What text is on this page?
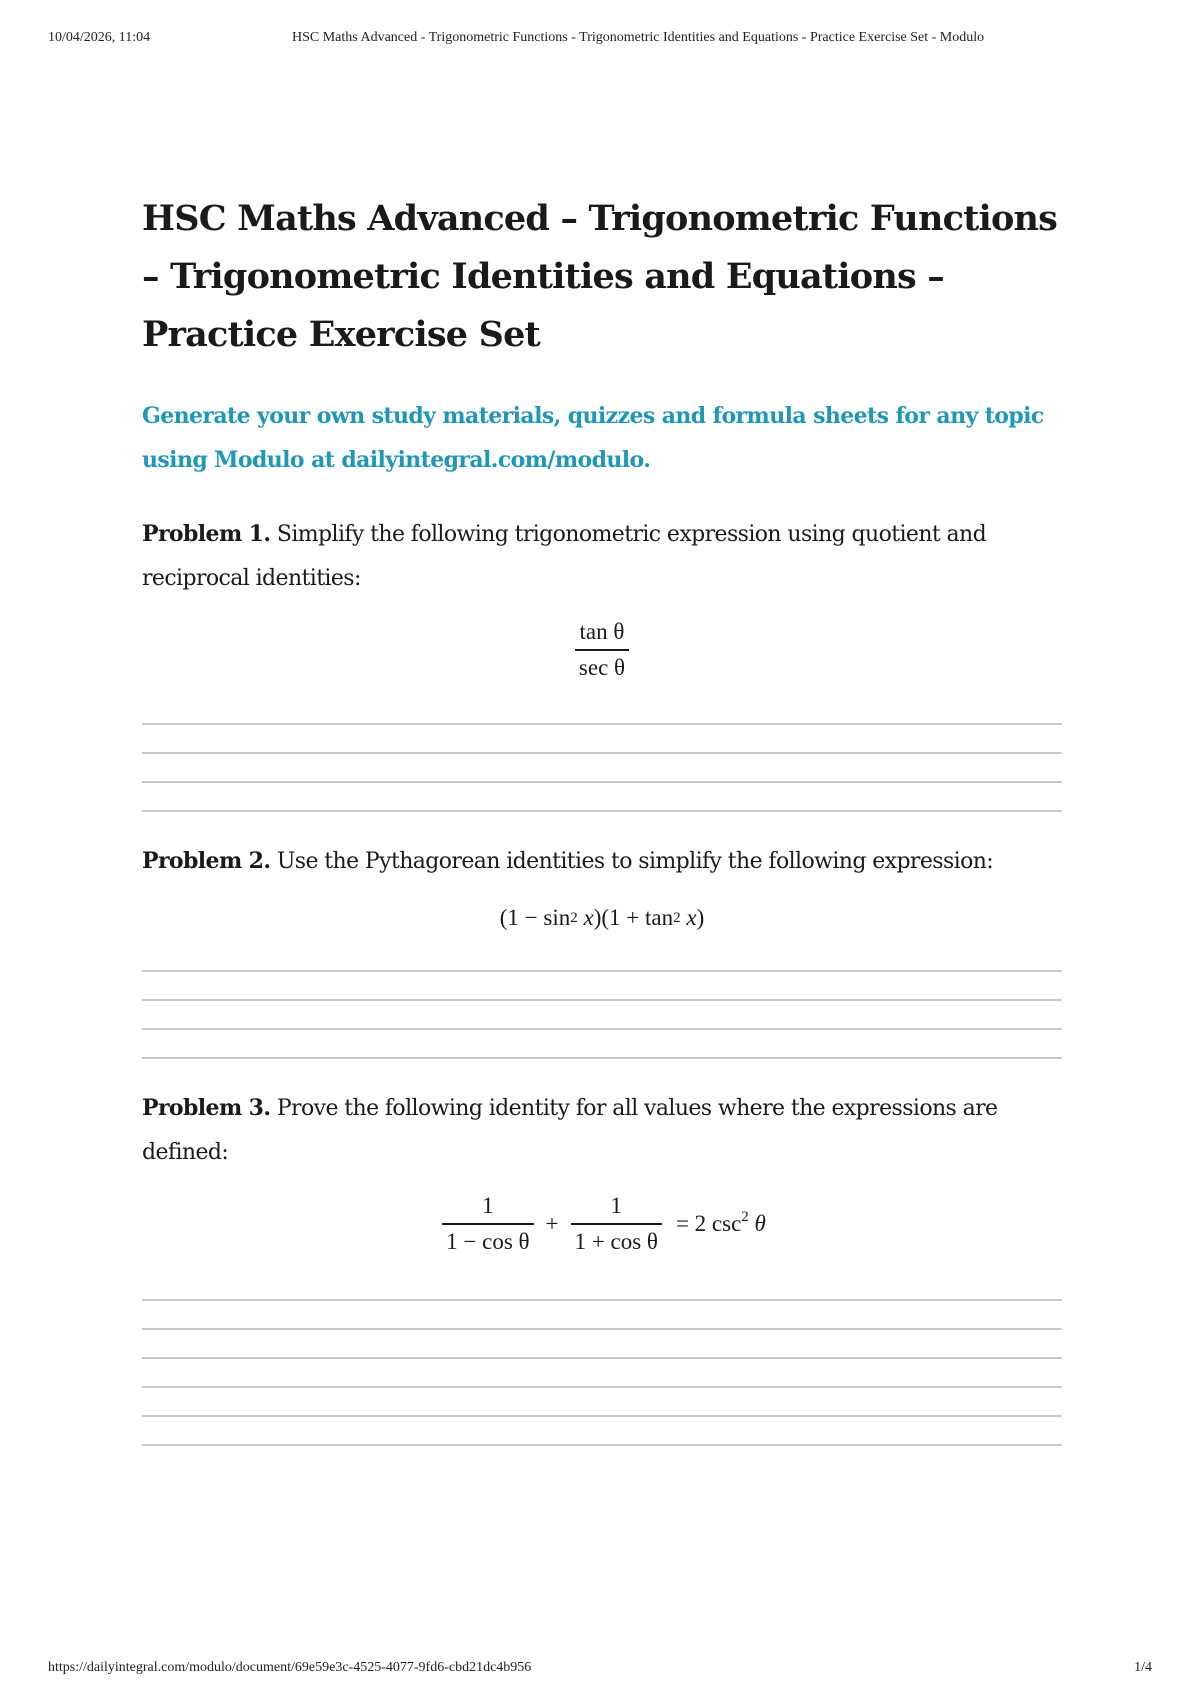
10/04/2026, 11:04	HSC Maths Advanced - Trigonometric Functions - Trigonometric Identities and Equations - Practice Exercise Set - Modulo
HSC Maths Advanced – Trigonometric Functions – Trigonometric Identities and Equations – Practice Exercise Set

Generate your own study materials, quizzes and formula sheets for any topic using Modulo at dailyintegral.com/modulo.

Problem 1. Simplify the following trigonometric expression using quotient and reciprocal identities:

$\frac{\text{tan θ}}{\text{sec θ}}$

Problem 2. Use the Pythagorean identities to simplify the following expression:

(1 − sin 2
x )(1 + tan 2
x )

Problem 3. Prove the following identity for all values where the expressions are defined:

$\frac{1}{\text{1 − cos θ}} + \frac{1}{\text{1 + cos θ}} = 2$ $\csc^2 \theta$
https://dailyintegral.com/modulo/document/69e59e3c-4525-4077-9fd6-cbd21dc4b956	1/4
